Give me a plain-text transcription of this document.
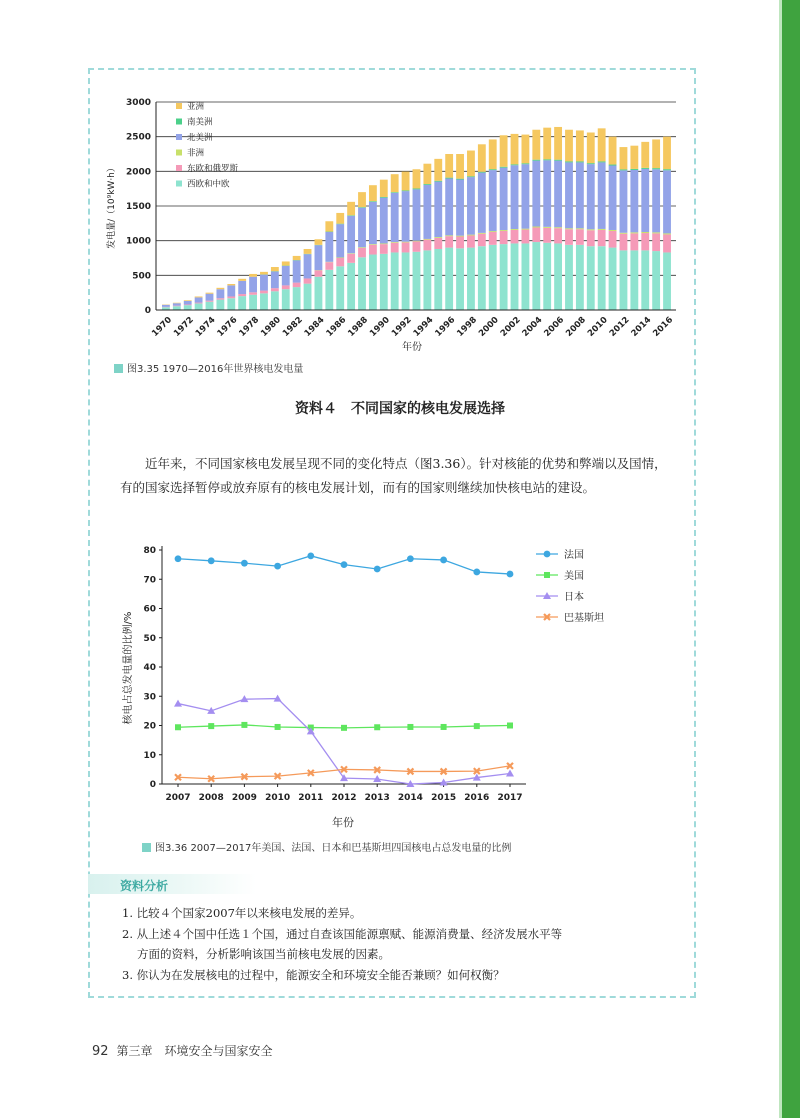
0
500
1000
1500
2000
2500
3000
1970
1972
1974
1976
1978
1980
1982
1984
1986
1988
1990
1992
1994
1996
1998
2000
2002
2004
2006
2008
2010
2012
2014
2016
亚洲
南美洲
北美洲
非洲
东欧和俄罗斯
西欧和中欧
发电量/（10⁹kW·h）
年份
图3.35 1970—2016年世界核电发电量
资料４　不同国家的核电发展选择
近年来，不同国家核电发展呈现不同的变化特点（图3.36）。针对核能的优势和弊端以及国情，有的国家选择暂停或放弃原有的核电发展计划，而有的国家则继续加快核电站的建设。
0
10
20
30
40
50
60
70
80
2007 2008 2009 2010 2011 2012 2013 2014 2015 2016 2017
法国
美国
日本
巴基斯坦
核电占总发电量的比例/%
年份
图3.36 2007—2017年美国、法国、日本和巴基斯坦四国核电占总发电量的比例
资料分析
1. 比较４个国家2007年以来核电发展的差异。
2. 从上述４个国中任选１个国，通过自查该国能源禀赋、能源消费量、经济发展水平等
方面的资料，分析影响该国当前核电发展的因素。
3. 你认为在发展核电的过程中，能源安全和环境安全能否兼顾？如何权衡？
92 第三章　环境安全与国家安全
